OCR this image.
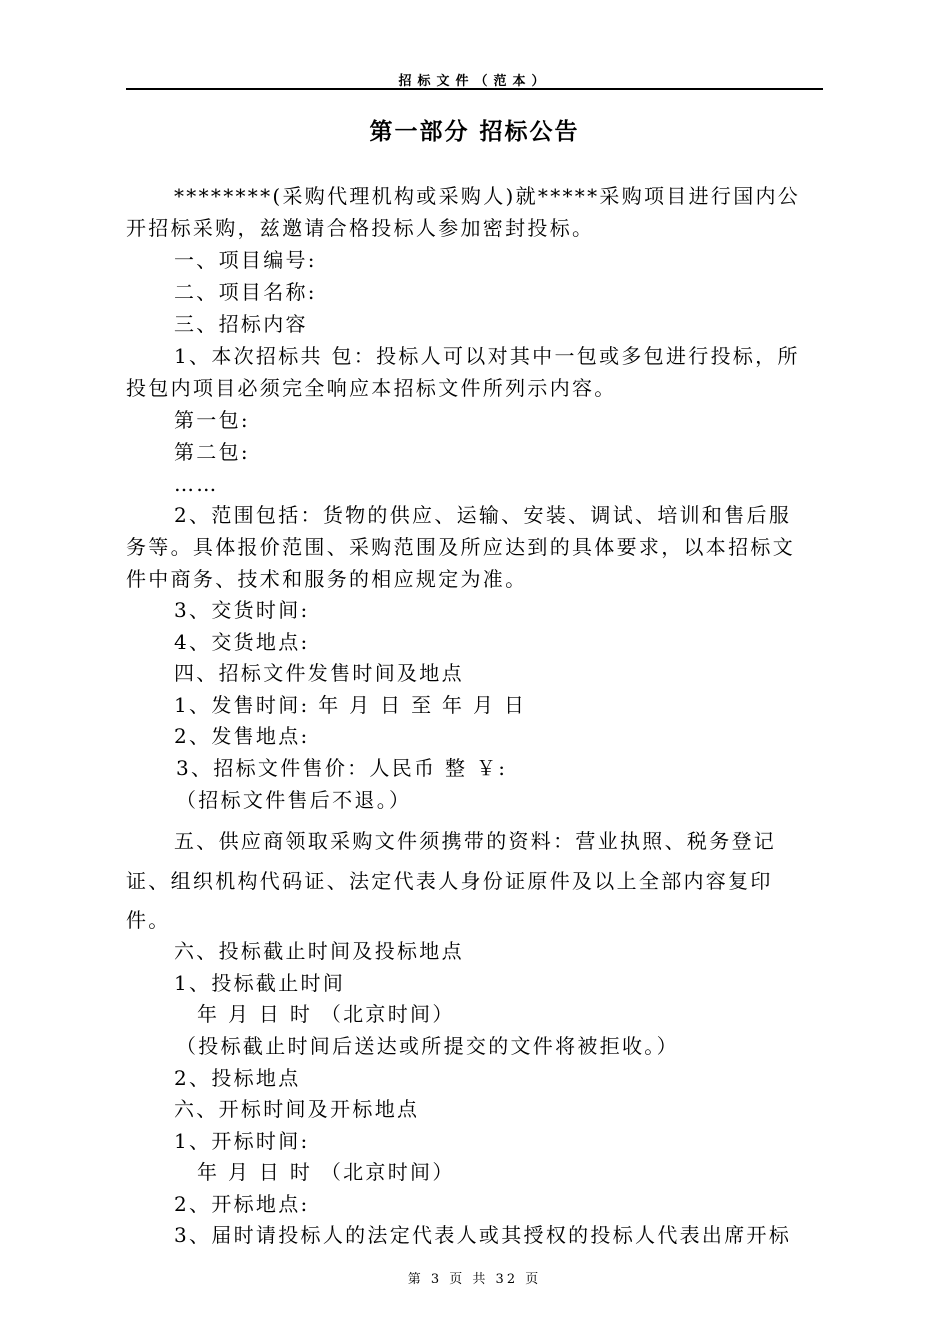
招标文件（范本）
第一部分 招标公告
********(采购代理机构或采购人)就*****采购项目进行国内公
开招标采购，兹邀请合格投标人参加密封投标。
一、项目编号:
二、项目名称:
三、招标内容
1、本次招标共 包：投标人可以对其中一包或多包进行投标，所
投包内项目必须完全响应本招标文件所列示内容。
第一包:
第二包:
……
2、范围包括：货物的供应、运输、安装、调试、培训和售后服
务等。具体报价范围、采购范围及所应达到的具体要求，以本招标文
件中商务、技术和服务的相应规定为准。
3、交货时间:
4、交货地点:
四、招标文件发售时间及地点
1、发售时间: 年 月 日 至 年 月 日
2、发售地点:
3、招标文件售价：人民币 整 ￥:
（招标文件售后不退。）
五、供应商领取采购文件须携带的资料：营业执照、税务登记
证、组织机构代码证、法定代表人身份证原件及以上全部内容复印
件。
六、投标截止时间及投标地点
1、投标截止时间
年 月 日 时 （北京时间）
（投标截止时间后送达或所提交的文件将被拒收。）
2、投标地点
六、开标时间及开标地点
1、开标时间:
年 月 日 时 （北京时间）
2、开标地点:
3、届时请投标人的法定代表人或其授权的投标人代表出席开标
第 3 页 共 32 页
